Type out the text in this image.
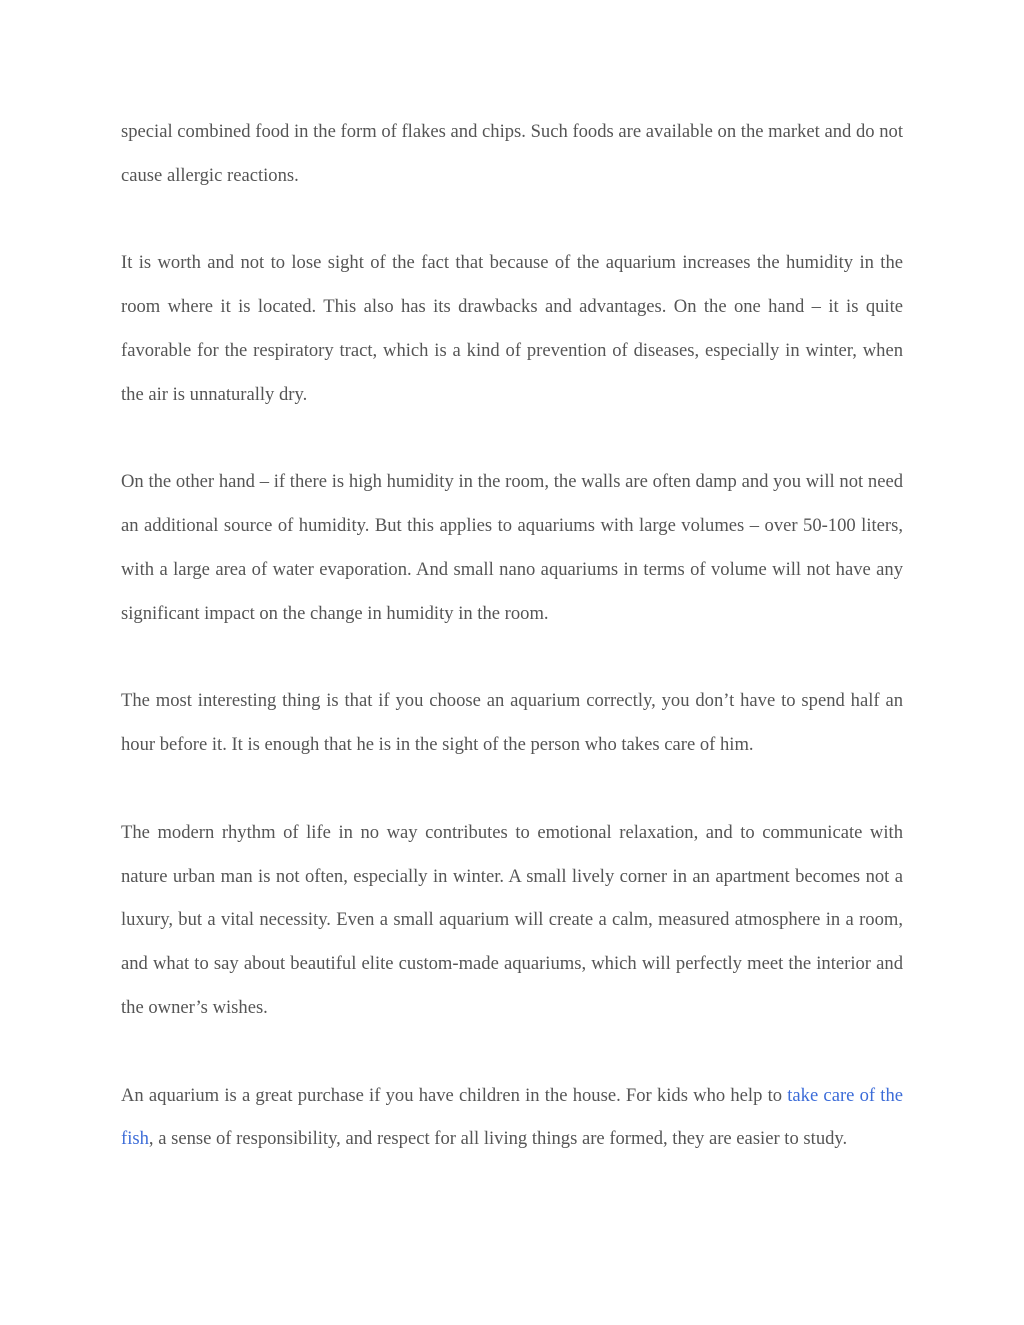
special combined food in the form of flakes and chips. Such foods are available on the market and do not cause allergic reactions.

It is worth and not to lose sight of the fact that because of the aquarium increases the humidity in the room where it is located. This also has its drawbacks and advantages. On the one hand – it is quite favorable for the respiratory tract, which is a kind of prevention of diseases, especially in winter, when the air is unnaturally dry.

On the other hand – if there is high humidity in the room, the walls are often damp and you will not need an additional source of humidity. But this applies to aquariums with large volumes – over 50-100 liters, with a large area of water evaporation. And small nano aquariums in terms of volume will not have any significant impact on the change in humidity in the room.

The most interesting thing is that if you choose an aquarium correctly, you don’t have to spend half an hour before it. It is enough that he is in the sight of the person who takes care of him.

The modern rhythm of life in no way contributes to emotional relaxation, and to communicate with nature urban man is not often, especially in winter. A small lively corner in an apartment becomes not a luxury, but a vital necessity. Even a small aquarium will create a calm, measured atmosphere in a room, and what to say about beautiful elite custom-made aquariums, which will perfectly meet the interior and the owner’s wishes.

An aquarium is a great purchase if you have children in the house. For kids who help to take care of the fish, a sense of responsibility, and respect for all living things are formed, they are easier to study.
